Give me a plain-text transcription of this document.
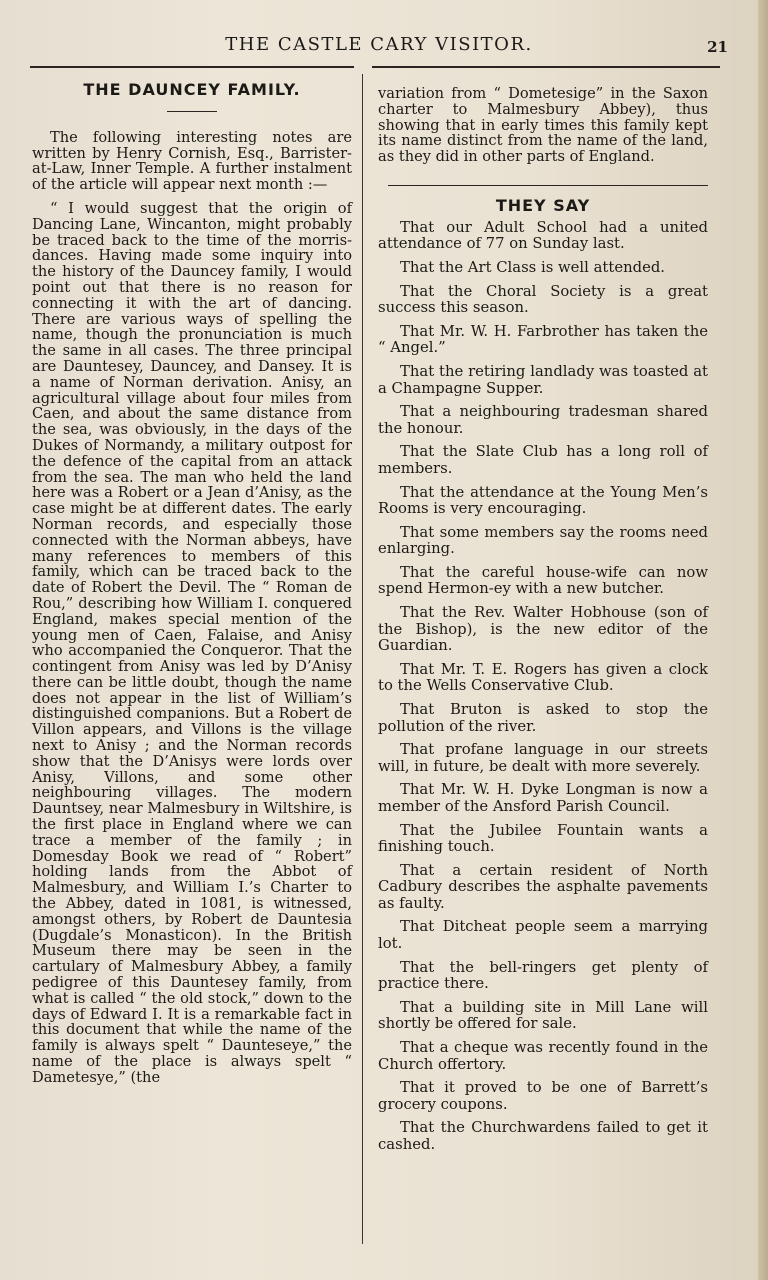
THE CASTLE CARY VISITOR.	21
THE DAUNCEY FAMILY.

The following interesting notes are written by Henry Cornish, Esq., Barrister-at-Law, Inner Temple. A further instalment of the article will appear next month :—

“ I would suggest that the origin of Dancing Lane, Wincanton, might probably be traced back to the time of the morris-dances. Having made some inquiry into the history of the Dauncey family, I would point out that there is no reason for connecting it with the art of dancing. There are various ways of spelling the name, though the pronunciation is much the same in all cases. The three principal are Dauntesey, Dauncey, and Dansey. It is a name of Norman derivation. Anisy, an agricultural village about four miles from Caen, and about the same distance from the sea, was obviously, in the days of the Dukes of Normandy, a military outpost for the defence of the capital from an attack from the sea. The man who held the land here was a Robert or a Jean d’Anisy, as the case might be at different dates. The early Norman records, and especially those connected with the Norman abbeys, have many references to members of this family, which can be traced back to the date of Robert the Devil. The “ Roman de Rou,” describing how William I. conquered England, makes special mention of the young men of Caen, Falaise, and Anisy who accompanied the Conqueror. That the contingent from Anisy was led by D’Anisy there can be little doubt, though the name does not appear in the list of William’s distinguished companions. But a Robert de Villon appears, and Villons is the village next to Anisy ; and the Norman records show that the D’Anisys were lords over Anisy, Villons, and some other neighbouring villages. The modern Dauntsey, near Malmesbury in Wiltshire, is the first place in England where we can trace a member of the family ; in Domesday Book we read of “ Robert” holding lands from the Abbot of Malmesbury, and William I.’s Charter to the Abbey, dated in 1081, is witnessed, amongst others, by Robert de Dauntesia (Dugdale’s Monasticon). In the British Museum there may be seen in the cartulary of Malmesbury Abbey, a family pedigree of this Dauntesey family, from what is called “ the old stock,” down to the days of Edward I. It is a remarkable fact in this document that while the name of the family is always spelt “ Daunteseye,” the name of the place is always spelt “ Dametesye,” (the

variation from “ Dometesige” in the Saxon charter to Malmesbury Abbey), thus showing that in early times this family kept its name distinct from the name of the land, as they did in other parts of England.

THEY SAY

That our Adult School had a united attendance of 77 on Sunday last.

That the Art Class is well attended.

That the Choral Society is a great success this season.

That Mr. W. H. Farbrother has taken the “ Angel.”

That the retiring landlady was toasted at a Champagne Supper.

That a neighbouring tradesman shared the honour.

That the Slate Club has a long roll of members.

That the attendance at the Young Men’s Rooms is very encouraging.

That some members say the rooms need enlarging.

That the careful house-wife can now spend Hermon-ey with a new butcher.

That the Rev. Walter Hobhouse (son of the Bishop), is the new editor of the Guardian.

That Mr. T. E. Rogers has given a clock to the Wells Conservative Club.

That Bruton is asked to stop the pollution of the river.

That profane language in our streets will, in future, be dealt with more severely.

That Mr. W. H. Dyke Longman is now a member of the Ansford Parish Council.

That the Jubilee Fountain wants a finishing touch.

That a certain resident of North Cadbury describes the asphalte pavements as faulty.

That Ditcheat people seem a marrying lot.

That the bell-ringers get plenty of practice there.

That a building site in Mill Lane will shortly be offered for sale.

That a cheque was recently found in the Church offertory.

That it proved to be one of Barrett’s grocery coupons.

That the Churchwardens failed to get it cashed.
